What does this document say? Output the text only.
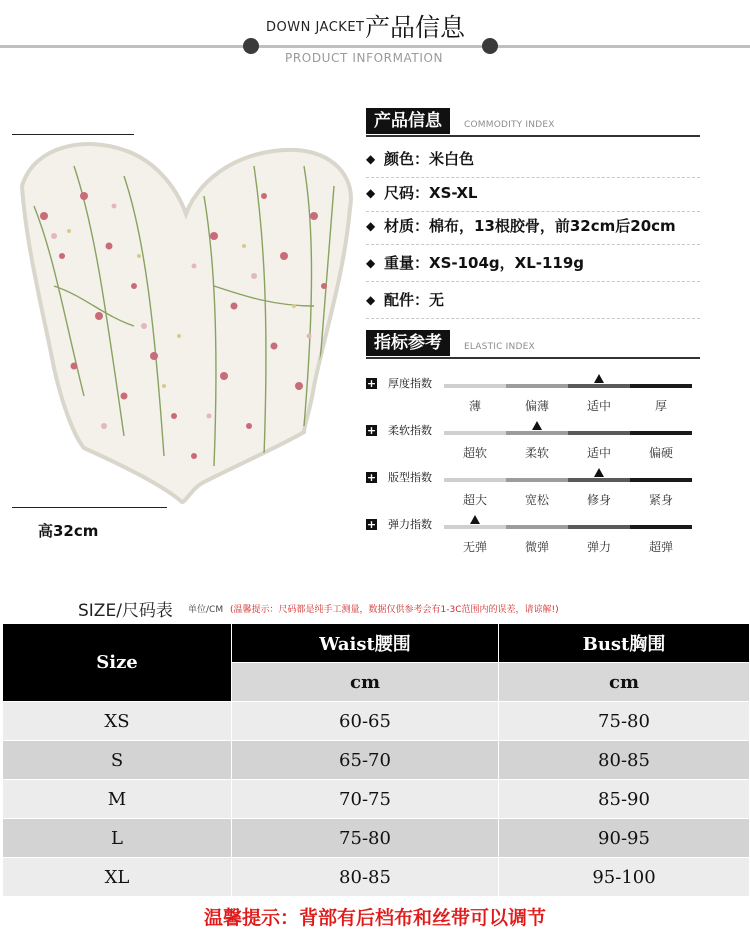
DOWN JACKET 产品信息
PRODUCT INFORMATION
高32cm
产品信息	COMMODITY INDEX
◆ 颜色：米白色
◆ 尺码：XS-XL
◆ 材质：棉布，13根胶骨，前32cm后20cm
◆ 重量：XS-104g，XL-119g
◆ 配件：无
指标参考	ELASTIC INDEX
+ 厚度指数
薄	偏薄	适中	厚
+ 柔软指数
超软	柔软	适中	偏硬
+ 版型指数
超大	宽松	修身	紧身
+ 弹力指数
无弹	微弹	弹力	超弹
SIZE/尺码表 单位/CM (温馨提示：尺码都是纯手工测量，数据仅供参考会有1-3C范围内的误差，请谅解!)
Size	Waist腰围	Bust胸围
	cm	cm
XS	60-65	75-80
S	65-70	80-85
M	70-75	85-90
L	75-80	90-95
XL	80-85	95-100
温馨提示：背部有后档布和丝带可以调节
